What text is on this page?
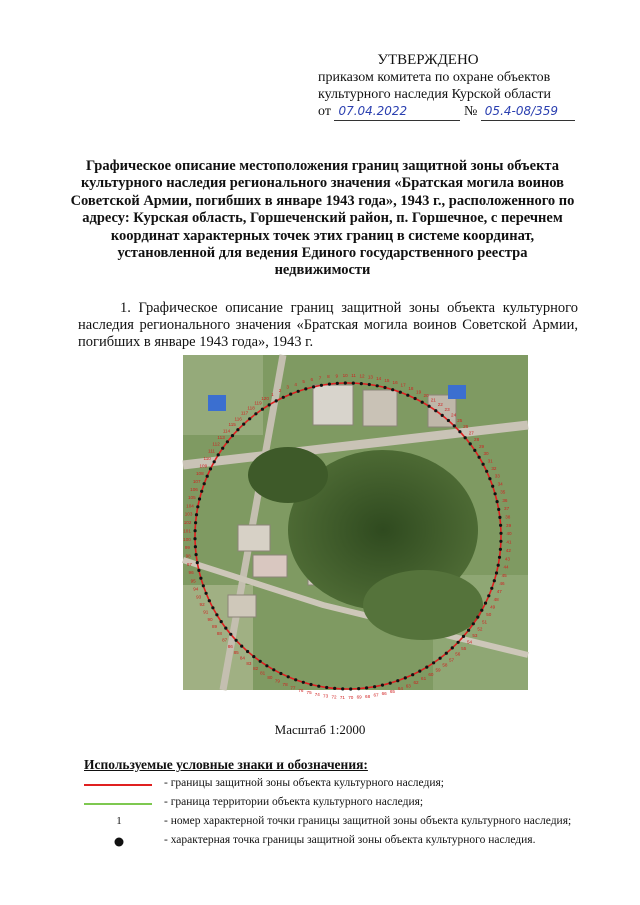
УТВЕРЖДЕНО
приказом комитета по охране объектов
культурного наследия Курской области
от 07.04.2022	№ 05.4-08/359
Графическое описание местоположения границ защитной зоны объекта культурного наследия регионального значения «Братская могила воинов Советской Армии, погибших в январе 1943 года», 1943 г., расположенного по адресу: Курская область, Горшеченский район, п. Горшечное, с перечнем координат характерных точек этих границ в системе координат, установленной для ведения Единого государственного реестра недвижимости
1. Графическое описание границ защитной зоны объекта культурного наследия регионального значения «Братская могила воинов Советской Армии, погибших в январе 1943 года», 1943 г.
81
82
83
84
85
86
87
88
89
90
91
92
93
94
95
96
97
98
99
100
101
102
103
104
105
106
107
108
109
110
111
112
113
114
115
116
117
118
119
120
1
2
3
4
5 6 7 8 9 10 11 12 13 14 15 16
17
18
19
20
21
22
23
24
25
26
27
28
29
30
31
32
33
34
35
36
37
38
39
40
41
42
43
44
45
46
47
48
49
50
51
52
53
54
55
56
57
58
59
60
61
62
63
64
65
66
67
68
69
70
71
72
73
74
75
76
77
78
79
80
Масштаб 1:2000
Используемые условные знаки и обозначения:
- границы защитной зоны объекта культурного наследия;
- граница территории объекта культурного наследия;
1	- номер характерной точки границы защитной зоны объекта культурного наследия;
- характерная точка границы защитной зоны объекта культурного наследия.
